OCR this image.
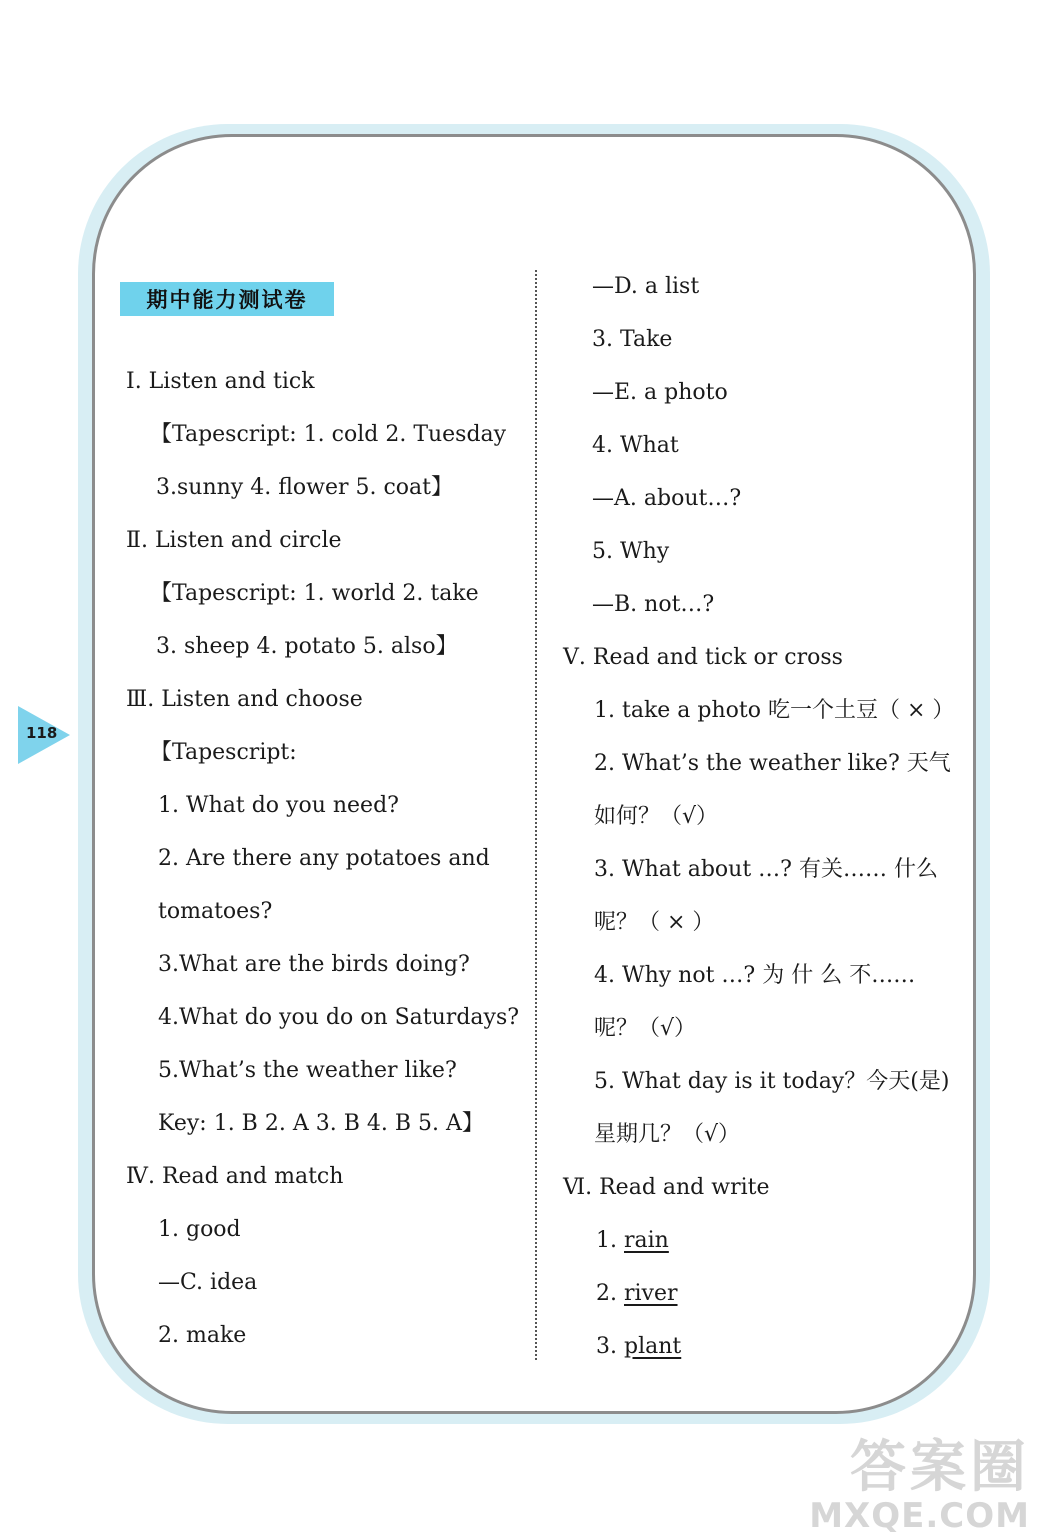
118
期中能力测试卷
Ⅰ. Listen and tick
【Tapescript: 1. cold 2. Tuesday
3.sunny 4. flower 5. coat】
Ⅱ. Listen and circle
【Tapescript: 1. world 2. take
3. sheep 4. potato 5. also】
Ⅲ. Listen and choose
【Tapescript:
1. What do you need?
2. Are there any potatoes and
tomatoes?
3.What are the birds doing?
4.What do you do on Saturdays?
5.What’s the weather like?
Key: 1. B 2. A 3. B 4. B 5. A】
Ⅳ. Read and match
1. good
—C. idea
2. make
—D. a list
3. Take
—E. a photo
4. What
—A. about…?
5. Why
—B. not…?
Ⅴ. Read and tick or cross
1. take a photo 吃一个土豆（ × ）
2. What’s the weather like? 天气
如何？（√）
3. What about …? 有关…… 什么
呢？（ × ）
4. Why not …? 为 什 么 不……
呢？（√）
5. What day is it today？今天(是)
星期几？（√）
Ⅵ. Read and write
1. rain
2. river
3. plant
答案圈
MXQE.COM
